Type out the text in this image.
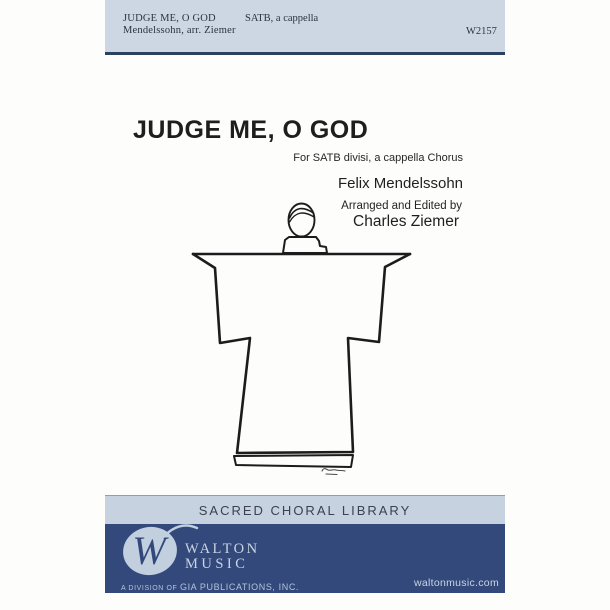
JUDGE ME, O GOD
Mendelssohn, arr. Ziemer
SATB, a cappella
W2157
JUDGE ME, O GOD
For SATB divisi, a cappella Chorus
Felix Mendelssohn
Arranged and Edited by
Charles Ziemer
SACRED CHORAL LIBRARY
W WALTON
MUSIC
A DIVISION OF GIA PUBLICATIONS, INC.	waltonmusic.com
